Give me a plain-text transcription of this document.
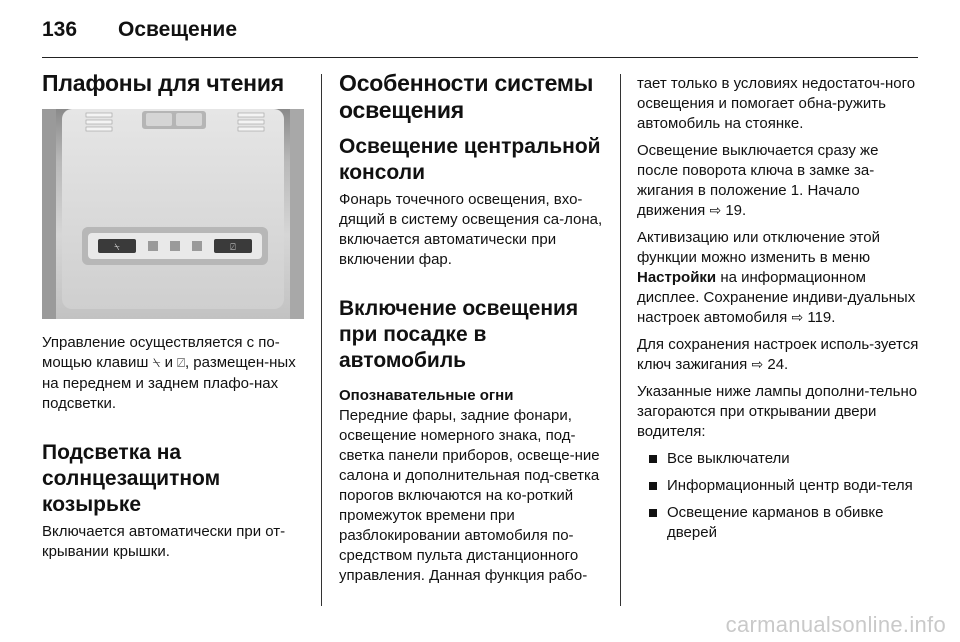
136 Освещение
Плафоны для чтения
⍀	⍁

Управление осуществляется с по-мощью клавиш ⍀ и ⍁, размещен-ных на переднем и заднем плафо-нах подсветки.

Подсветка на солнцезащитном козырьке

Включается автоматически при от-крывании крышки.

Особенности системы освещения
Освещение центральной консоли

Фонарь точечного освещения, вхо-дящий в систему освещения са-лона, включается автоматически при включении фар.

Включение освещения при посадке в автомобиль
Опознавательные огни

Передние фары, задние фонари, освещение номерного знака, под-светка панели приборов, освеще-ние салона и дополнительная под-светка порогов включаются на ко-роткий промежуток времени при разблокировании автомобиля по-средством пульта дистанционного управления. Данная функция рабо-

тает только в условиях недостаточ-ного освещения и помогает обна-ружить автомобиль на стоянке.

Освещение выключается сразу же после поворота ключа в замке за-жигания в положение 1. Начало движения ⇨ 19.

Активизацию или отключение этой функции можно изменить в меню Настройки на информационном дисплее. Сохранение индиви-дуальных настроек автомобиля ⇨ 119.

Для сохранения настроек исполь-зуется ключ зажигания ⇨ 24.

Указанные ниже лампы дополни-тельно загораются при открывании двери водителя:

Все выключатели
Информационный центр води-теля
Освещение карманов в обивке дверей
carmanualsonline.info
